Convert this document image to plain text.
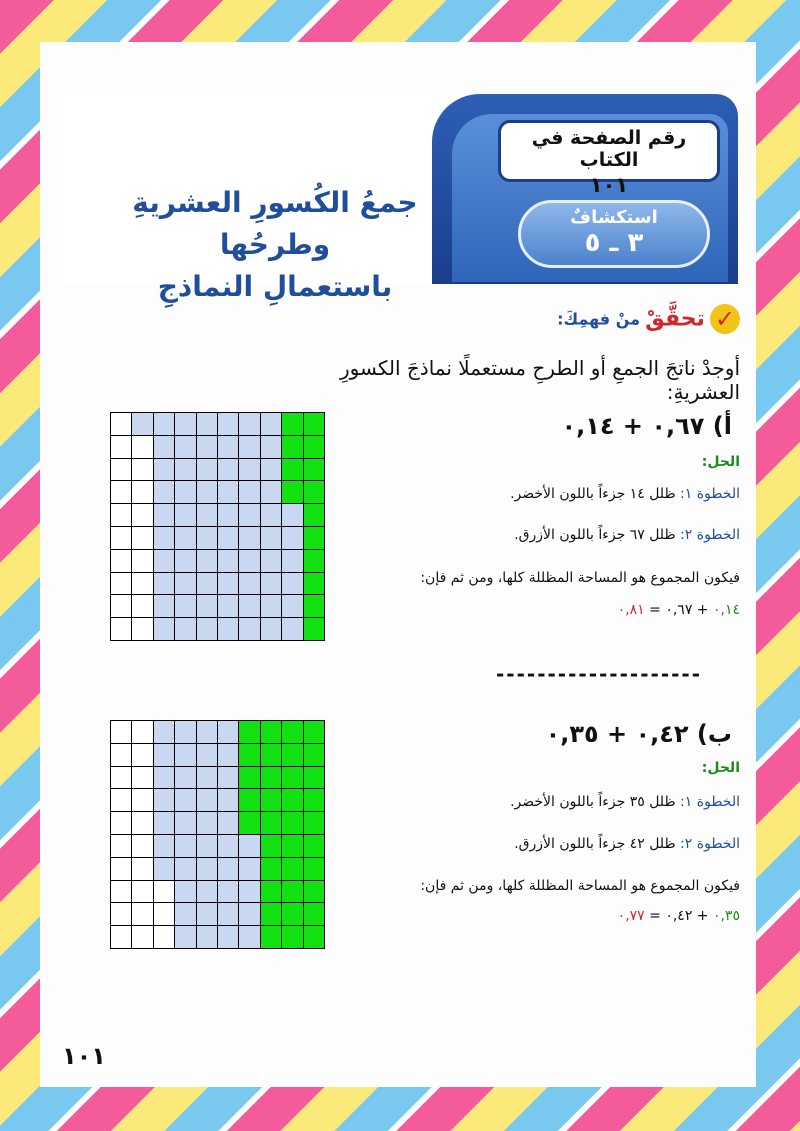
رقم الصفحة في الكتاب
١٠١
استكشافٌ
٣ ـ ٥
جمعُ الكُسورِ العشريةِ وطرحُها
باستعمالِ النماذجِ
✓ تحقَّقْ منْ فهمِكَ:
أوجدْ ناتجَ الجمعِ أو الطرحِ مستعملًا نماذجَ الكسورِ العشريةِ:
أ) ٠,٦٧ + ٠,١٤
الحل:
الخطوة ١: ظلل ١٤ جزءاً باللون الأخضر.
الخطوة ٢: ظلل ٦٧ جزءاً باللون الأزرق.
فيكون المجموع هو المساحة المظللة كلها، ومن ثم فإن:
٠,١٤ + ٠,٦٧ = ٠,٨١
--------------------
ب) ٠,٤٢ + ٠,٣٥
الحل:
الخطوة ١: ظلل ٣٥ جزءاً باللون الأخضر.
الخطوة ٢: ظلل ٤٢ جزءاً باللون الأزرق.
فيكون المجموع هو المساحة المظللة كلها، ومن ثم فإن:
٠,٣٥ + ٠,٤٢ = ٠,٧٧
١٠١
